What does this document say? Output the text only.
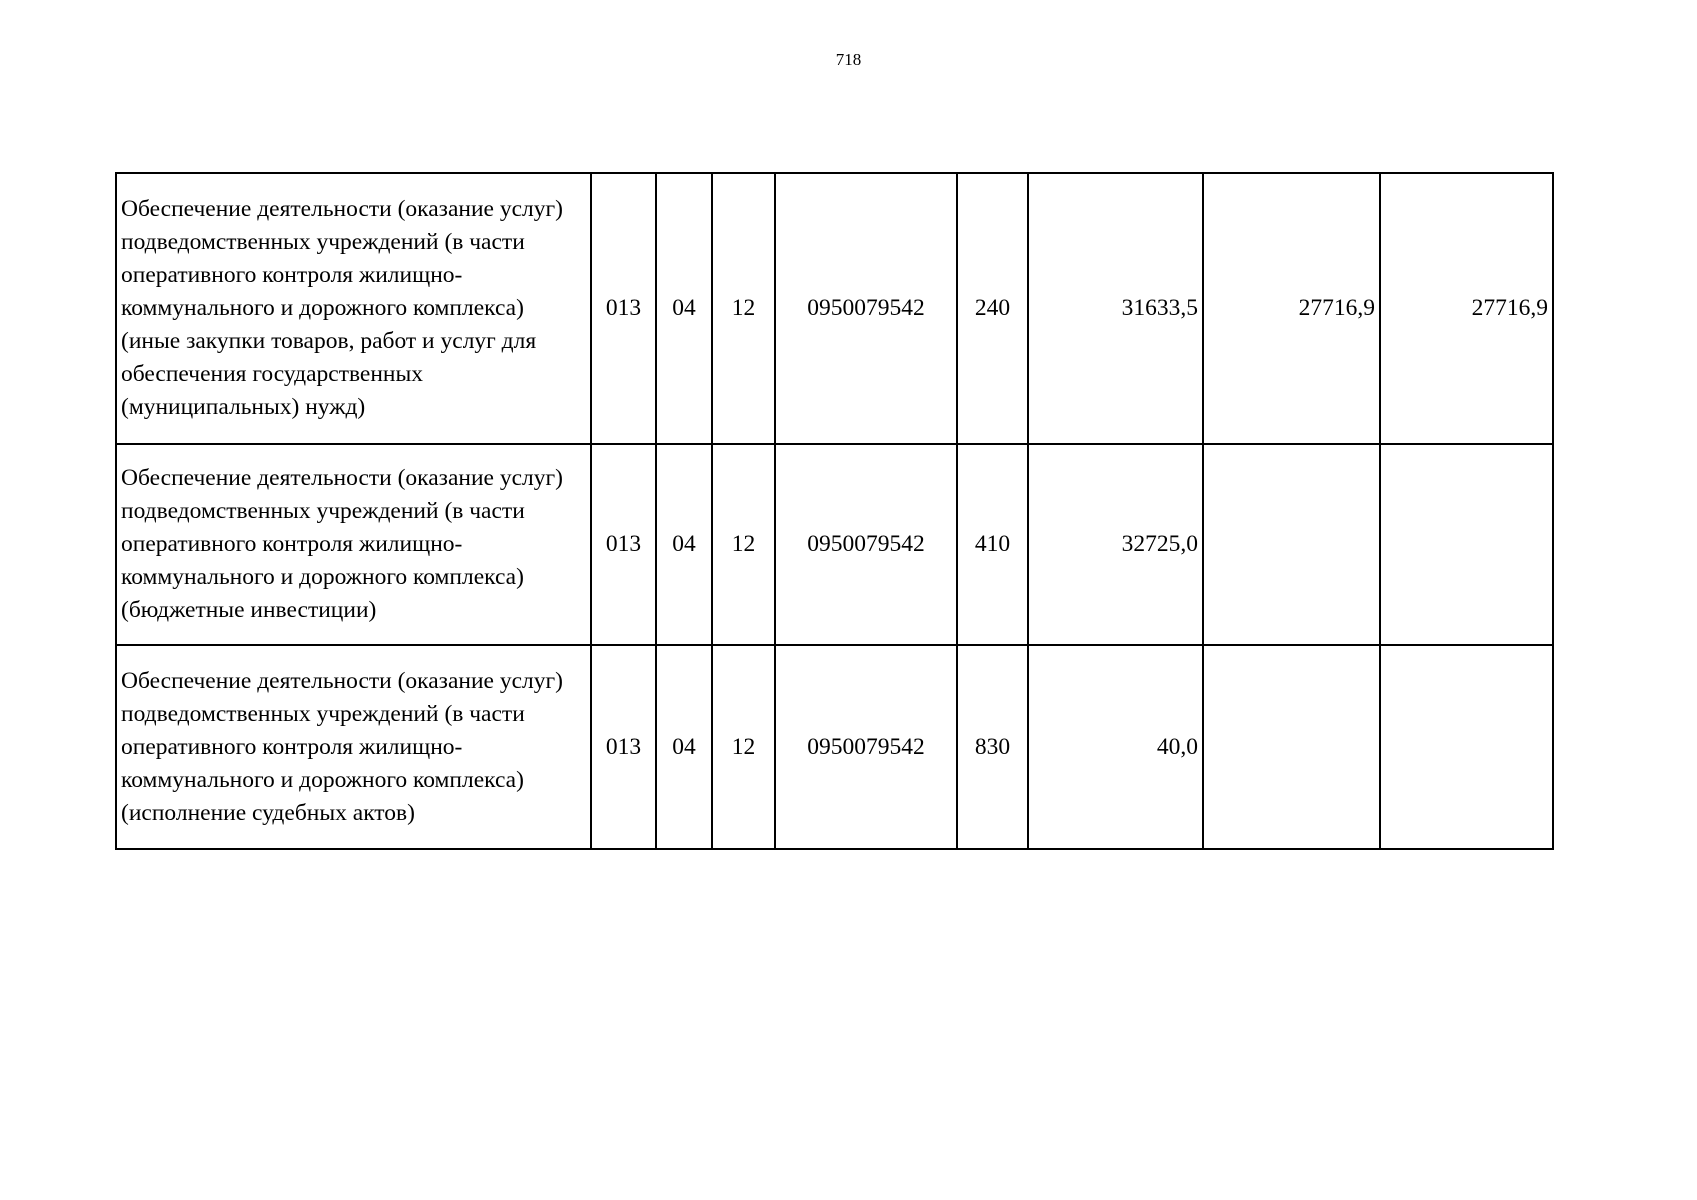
718
Обеспечение деятельности (оказание услуг) подведомственных учреждений (в части оперативного контроля жилищно-коммунального и дорожного комплекса) (иные закупки товаров, работ и услуг для обеспечения государственных (муниципальных) нужд)	013	04	12	0950079542	240	31633,5	27716,9	27716,9
Обеспечение деятельности (оказание услуг) подведомственных учреждений (в части оперативного контроля жилищно-коммунального и дорожного комплекса) (бюджетные инвестиции)	013	04	12	0950079542	410	32725,0		
Обеспечение деятельности (оказание услуг) подведомственных учреждений (в части оперативного контроля жилищно-коммунального и дорожного комплекса) (исполнение судебных актов)	013	04	12	0950079542	830	40,0		
